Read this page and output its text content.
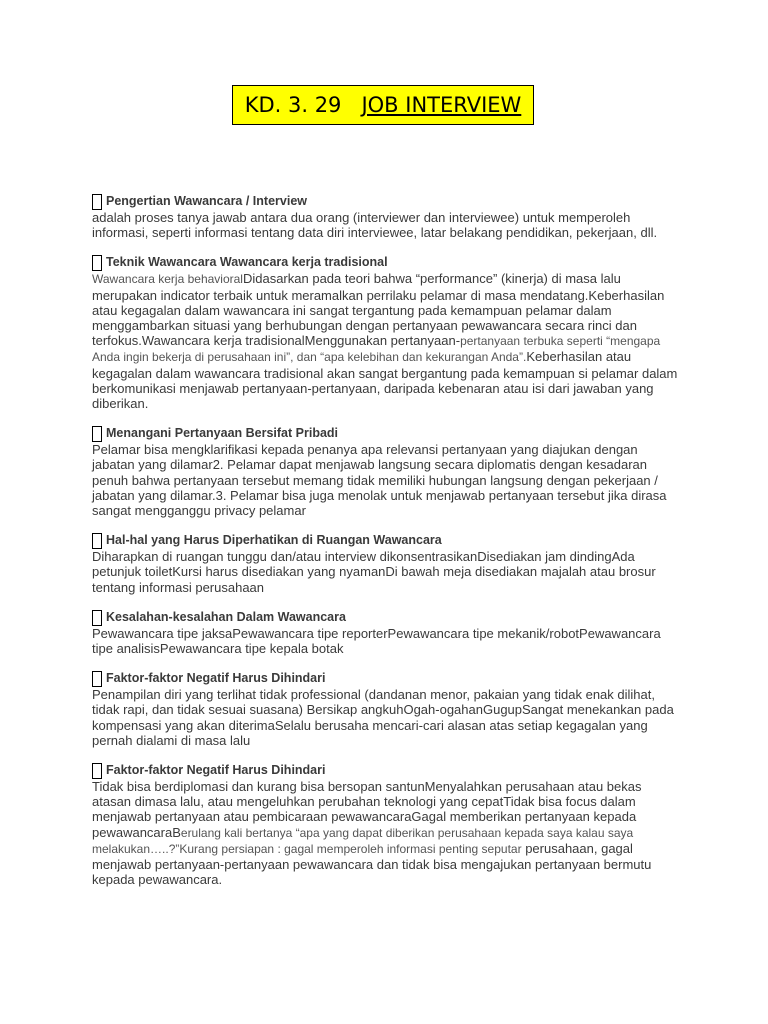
KD. 3. 29 JOB INTERVIEW
Pengertian Wawancara / Interview

adalah proses tanya jawab antara dua orang (interviewer dan interviewee) untuk memperoleh informasi, seperti informasi tentang data diri interviewee, latar belakang pendidikan, pekerjaan, dll.

Teknik Wawancara Wawancara kerja tradisional

Wawancara kerja behavioralDidasarkan pada teori bahwa “performance” (kinerja) di masa lalu merupakan indicator terbaik untuk meramalkan perrilaku pelamar di masa mendatang.Keberhasilan atau kegagalan dalam wawancara ini sangat tergantung pada kemampuan pelamar dalam menggambarkan situasi yang berhubungan dengan pertanyaan pewawancara secara rinci dan terfokus.Wawancara kerja tradisionalMenggunakan pertanyaan-pertanyaan terbuka seperti “mengapa Anda ingin bekerja di perusahaan ini”, dan “apa kelebihan dan kekurangan Anda”.Keberhasilan atau kegagalan dalam wawancara tradisional akan sangat bergantung pada kemampuan si pelamar dalam berkomunikasi menjawab pertanyaan-pertanyaan, daripada kebenaran atau isi dari jawaban yang diberikan.

Menangani Pertanyaan Bersifat Pribadi

Pelamar bisa mengklarifikasi kepada penanya apa relevansi pertanyaan yang diajukan dengan jabatan yang dilamar2. Pelamar dapat menjawab langsung secara diplomatis dengan kesadaran penuh bahwa pertanyaan tersebut memang tidak memiliki hubungan langsung dengan pekerjaan / jabatan yang dilamar.3. Pelamar bisa juga menolak untuk menjawab pertanyaan tersebut jika dirasa sangat mengganggu privacy pelamar

Hal-hal yang Harus Diperhatikan di Ruangan Wawancara

Diharapkan di ruangan tunggu dan/atau interview dikonsentrasikanDisediakan jam dindingAda petunjuk toiletKursi harus disediakan yang nyamanDi bawah meja disediakan majalah atau brosur tentang informasi perusahaan

Kesalahan-kesalahan Dalam Wawancara

Pewawancara tipe jaksaPewawancara tipe reporterPewawancara tipe mekanik/robotPewawancara tipe analisisPewawancara tipe kepala botak

Faktor-faktor Negatif Harus Dihindari

Penampilan diri yang terlihat tidak professional (dandanan menor, pakaian yang tidak enak dilihat, tidak rapi, dan tidak sesuai suasana) Bersikap angkuhOgah-ogahanGugupSangat menekankan pada kompensasi yang akan diterimaSelalu berusaha mencari-cari alasan atas setiap kegagalan yang pernah dialami di masa lalu

Faktor-faktor Negatif Harus Dihindari

Tidak bisa berdiplomasi dan kurang bisa bersopan santunMenyalahkan perusahaan atau bekas atasan dimasa lalu, atau mengeluhkan perubahan teknologi yang cepatTidak bisa focus dalam menjawab pertanyaan atau pembicaraan pewawancaraGagal memberikan pertanyaan kepada pewawancaraBerulang kali bertanya “apa yang dapat diberikan perusahaan kepada saya kalau saya melakukan…..?”Kurang persiapan : gagal memperoleh informasi penting seputar perusahaan, gagal menjawab pertanyaan-pertanyaan pewawancara dan tidak bisa mengajukan pertanyaan bermutu kepada pewawancara.
